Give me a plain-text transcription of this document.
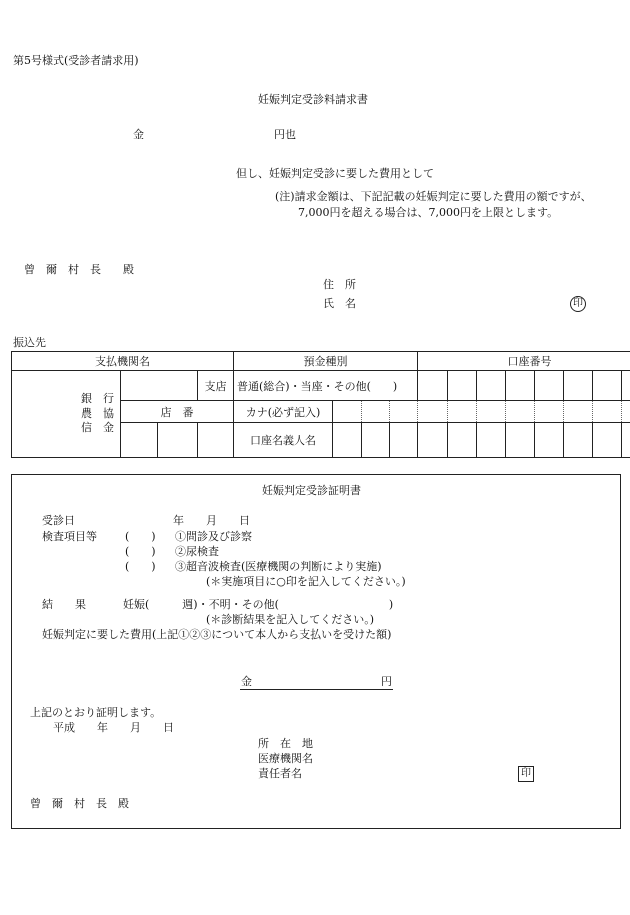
第5号様式(受診者請求用)
妊娠判定受診料請求書
金	円也
但し、妊娠判定受診に要した費用として
(注)請求金額は、下記記載の妊娠判定に要した費用の額ですが、
7,000円を超える場合は、7,000円を上限とします。
曾　爾　村　長　　殿
住　所
氏　名	印
振込先
支払機関名				預金種別				口座番号							

銀　行
農　協
信　金			支店	普通(総合)・当座・その他(　　)											
	店　番			カナ(必ず記入)											
				口座名義人名											
妊娠判定受診証明書
受診日	年　　月　　日
検査項目等	(　　) ①問診及び診察
(　　) ②尿検査
(　　) ③超音波検査(医療機関の判断により実施)
(＊実施項目に○印を記入してください。)
結　　果	妊娠(　　　週)・不明・その他(　　　　　　　　　　)
(＊診断結果を記入してください。)
妊娠判定に要した費用(上記①②③について本人から支払いを受けた額)
金	円
上記のとおり証明します。
平成　　年　　月　　日
所　在　地
医療機関名
責任者名	印
曾　爾　村　長　殿
